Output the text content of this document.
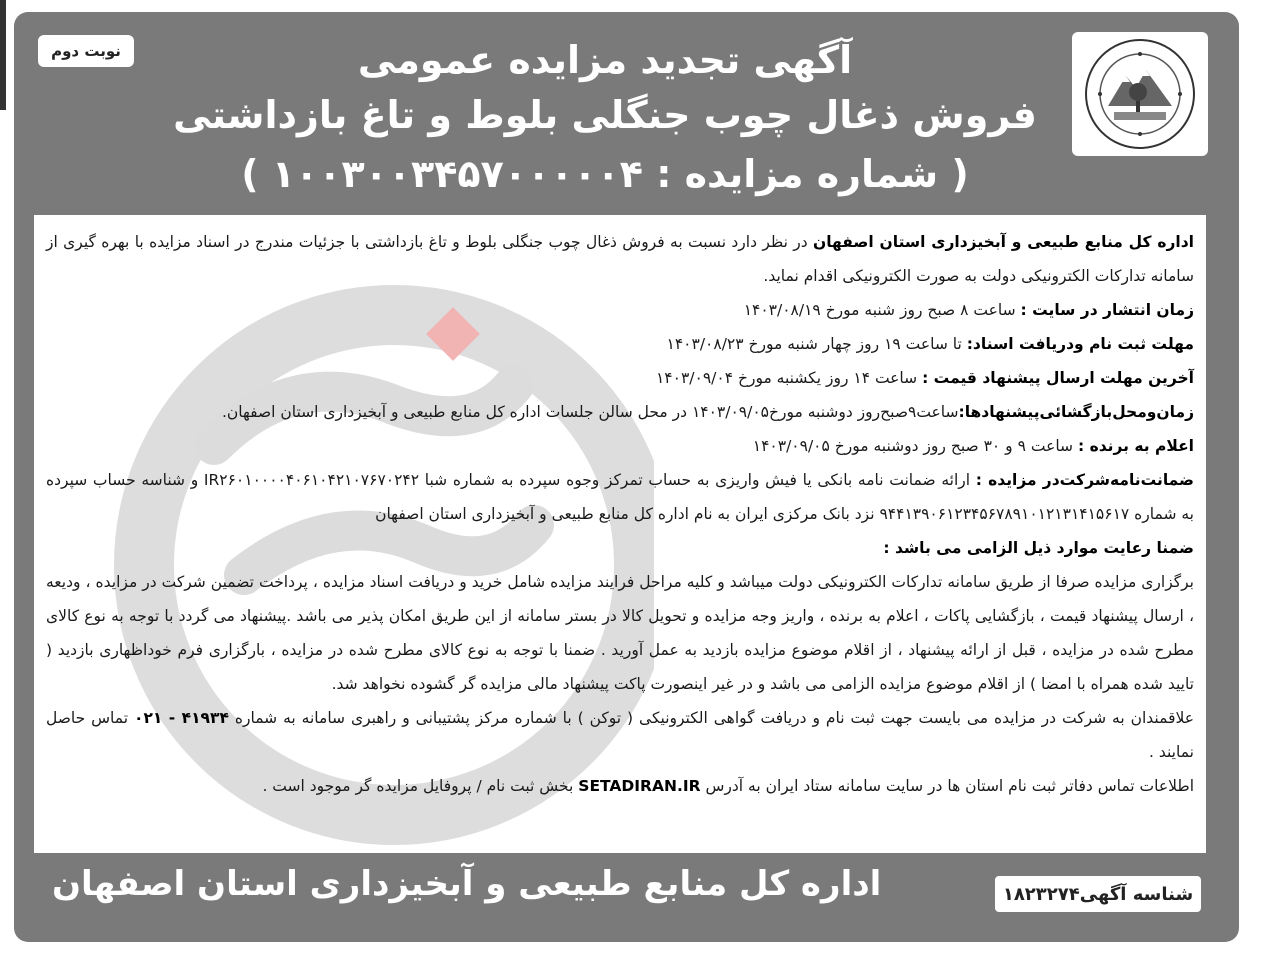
نوبت دوم	آگهی تجدید مزایده عمومی
فروش ذغال چوب جنگلی بلوط و تاغ بازداشتی
( شماره مزایده : ۱۰۰۳۰۰۳۴۵۷۰۰۰۰۰۴ )

اداره کل منابع طبیعی و آبخیزداری استان اصفهان در نظر دارد نسبت به فروش ذغال چوب جنگلی بلوط و تاغ بازداشتی با جزئیات مندرج در اسناد مزایده با بهره گیری از سامانه تدارکات الکترونیکی دولت به صورت الکترونیکی اقدام نماید.

زمان انتشار در سایت : ساعت ۸ صبح روز شنبه مورخ ۱۴۰۳/۰۸/۱۹

مهلت ثبت نام ودریافت اسناد: تا ساعت ۱۹ روز چهار شنبه مورخ ۱۴۰۳/۰۸/۲۳

آخرین مهلت ارسال پیشنهاد قیمت : ساعت ۱۴ روز یکشنبه مورخ ۱۴۰۳/۰۹/۰۴

زمان‌ومحل‌بازگشائی‌پیشنهادها:ساعت۹صبح‌روز دوشنبه مورخ۱۴۰۳/۰۹/۰۵ در محل سالن جلسات اداره کل منابع طبیعی و آبخیزداری استان اصفهان.

اعلام به برنده : ساعت ۹ و ۳۰ صبح روز دوشنبه مورخ ۱۴۰۳/۰۹/۰۵

ضمانت‌نامه‌شرکت‌در مزایده : ارائه ضمانت نامه بانکی یا فیش واریزی به حساب تمرکز وجوه سپرده به شماره شبا IR۲۶۰۱۰۰۰۰۴۰۶۱۰۴۲۱۰۷۶۷۰۲۴۲ و شناسه حساب سپرده به شماره ۹۴۴۱۳۹۰۶۱۲۳۴۵۶۷۸۹۱۰۱۲۱۳۱۴۱۵۶۱۷ نزد بانک مرکزی ایران به نام اداره کل منابع طبیعی و آبخیزداری استان اصفهان

ضمنا رعایت موارد ذیل الزامی می باشد :

برگزاری مزایده صرفا از طریق سامانه تدارکات الکترونیکی دولت میباشد و کلیه مراحل فرایند مزایده شامل خرید و دریافت اسناد مزایده ، پرداخت تضمین شرکت در مزایده ، ودیعه ، ارسال پیشنهاد قیمت ، بازگشایی پاکات ، اعلام به برنده ، واریز وجه مزایده و تحویل کالا در بستر سامانه از این طریق امکان پذیر می باشد .پیشنهاد می گردد با توجه به نوع کالای مطرح شده در مزایده ، قبل از ارائه پیشنهاد ، از اقلام موضوع مزایده بازدید به عمل آورید . ضمنا با توجه به نوع کالای مطرح شده در مزایده ، بارگزاری فرم خوداظهاری بازدید ( تایید شده همراه با امضا ) از اقلام موضوع مزایده الزامی می باشد و در غیر اینصورت پاکت پیشنهاد مالی مزایده گر گشوده نخواهد شد.

علاقمندان به شرکت در مزایده می بایست جهت ثبت نام و دریافت گواهی الکترونیکی ( توکن ) با شماره مرکز پشتیبانی و راهبری سامانه به شماره ۴۱۹۳۴ - ۰۲۱ تماس حاصل نمایند .

اطلاعات تماس دفاتر ثبت نام استان ها در سایت سامانه ستاد ایران به آدرس SETADIRAN.IR بخش ثبت نام / پروفایل مزایده گر موجود است .

اداره کل منابع طبیعی و آبخیزداری استان اصفهان	شناسه آگهی۱۸۲۳۲۷۴
